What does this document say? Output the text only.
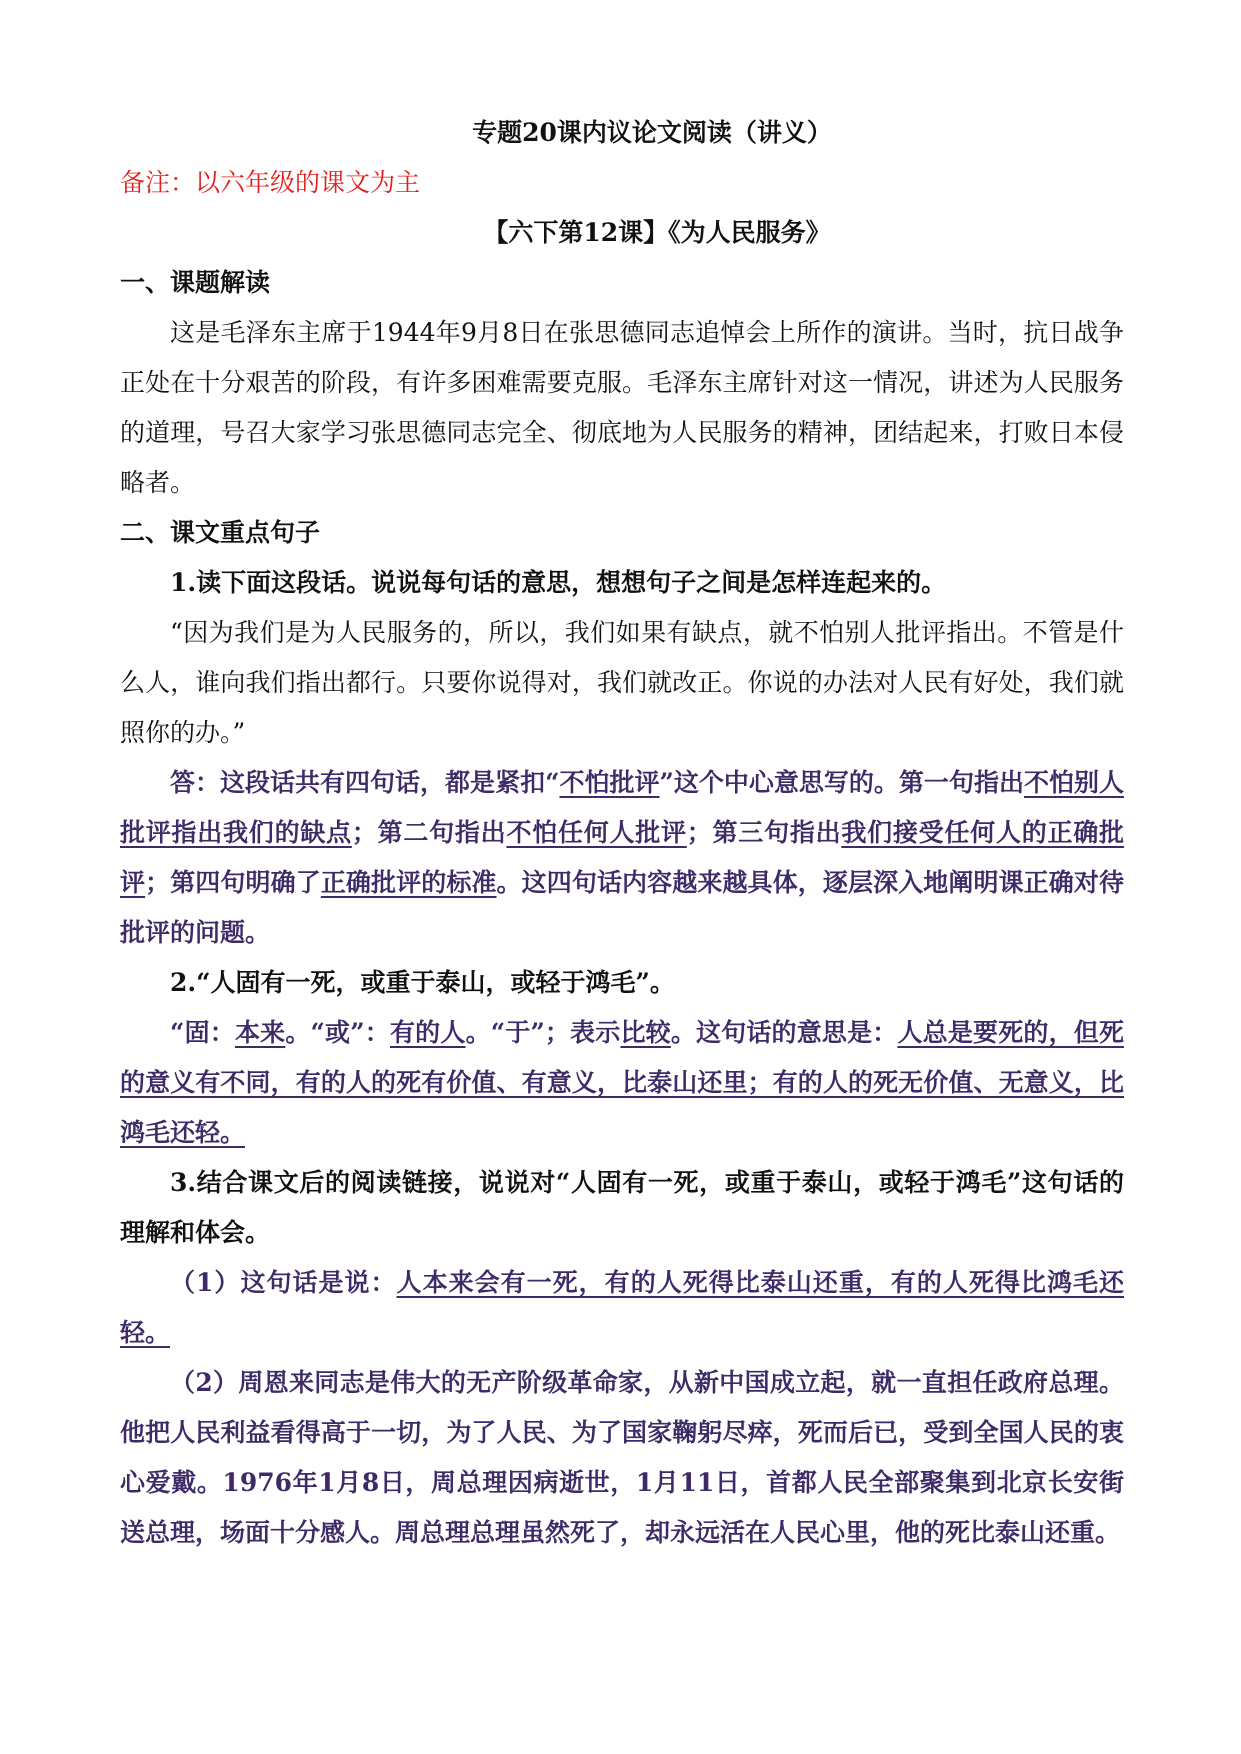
专题20课内议论文阅读（讲义）
备注：以六年级的课文为主
【六下第12课】《为人民服务》
一、课题解读
这是毛泽东主席于1944年9月8日在张思德同志追悼会上所作的演讲。当时，抗日战争正处在十分艰苦的阶段，有许多困难需要克服。毛泽东主席针对这一情况，讲述为人民服务的道理，号召大家学习张思德同志完全、彻底地为人民服务的精神，团结起来，打败日本侵略者。
二、课文重点句子
1.读下面这段话。说说每句话的意思，想想句子之间是怎样连起来的。
“因为我们是为人民服务的，所以，我们如果有缺点，就不怕别人批评指出。不管是什么人，谁向我们指出都行。只要你说得对，我们就改正。你说的办法对人民有好处，我们就照你的办。”
答：这段话共有四句话，都是紧扣“不怕批评”这个中心意思写的。第一句指出不怕别人批评指出我们的缺点；第二句指出不怕任何人批评；第三句指出我们接受任何人的正确批评；第四句明确了正确批评的标准。这四句话内容越来越具体，逐层深入地阐明课正确对待批评的问题。
2.“人固有一死，或重于泰山，或轻于鸿毛”。
“固：本来。“或”：有的人。“于”；表示比较。这句话的意思是：人总是要死的，但死的意义有不同，有的人的死有价值、有意义，比泰山还里；有的人的死无价值、无意义，比鸿毛还轻。
3.结合课文后的阅读链接，说说对“人固有一死，或重于泰山，或轻于鸿毛”这句话的理解和体会。
（1）这句话是说：人本来会有一死，有的人死得比泰山还重，有的人死得比鸿毛还轻。
（2）周恩来同志是伟大的无产阶级革命家，从新中国成立起，就一直担任政府总理。他把人民利益看得高于一切，为了人民、为了国家鞠躬尽瘁，死而后已，受到全国人民的衷心爱戴。1976年1月8日，周总理因病逝世，1月11日，首都人民全部聚集到北京长安街送总理，场面十分感人。周总理总理虽然死了，却永远活在人民心里，他的死比泰山还重。
